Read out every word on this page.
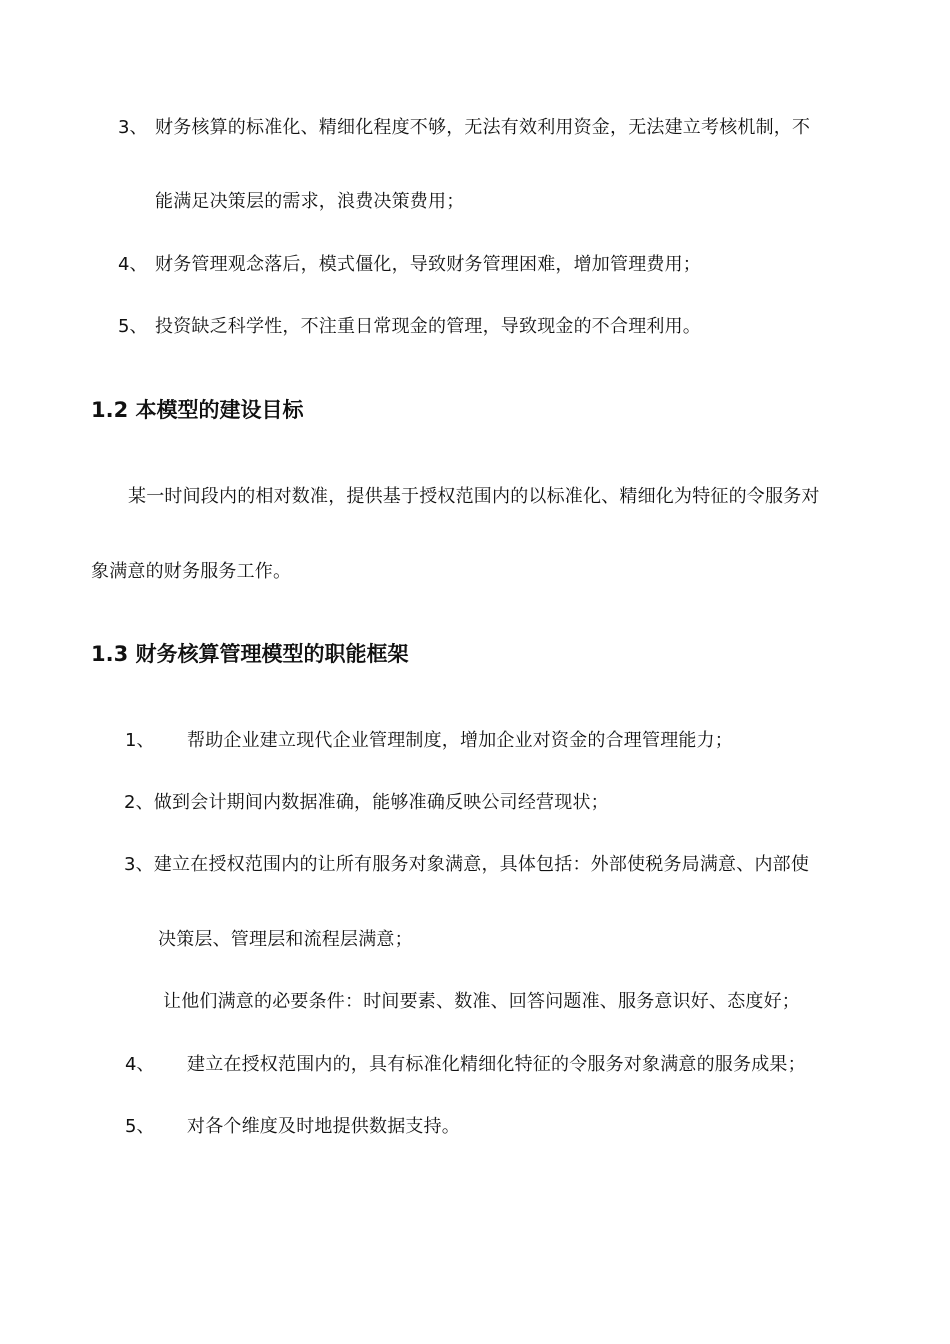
3、 财务核算的标准化、精细化程度不够，无法有效利用资金，无法建立考核机制，不
能满足决策层的需求，浪费决策费用；
4、 财务管理观念落后，模式僵化，导致财务管理困难，增加管理费用；
5、 投资缺乏科学性，不注重日常现金的管理，导致现金的不合理利用。
1.2 本模型的建设目标
某一时间段内的相对数准，提供基于授权范围内的以标准化、精细化为特征的令服务对
象满意的财务服务工作。
1.3 财务核算管理模型的职能框架
1、 帮助企业建立现代企业管理制度，增加企业对资金的合理管理能力；
2、做到会计期间内数据准确，能够准确反映公司经营现状；
3、建立在授权范围内的让所有服务对象满意，具体包括：外部使税务局满意、内部使
决策层、管理层和流程层满意；
让他们满意的必要条件：时间要素、数准、回答问题准、服务意识好、态度好；
4、 建立在授权范围内的，具有标准化精细化特征的令服务对象满意的服务成果；
5、 对各个维度及时地提供数据支持。
